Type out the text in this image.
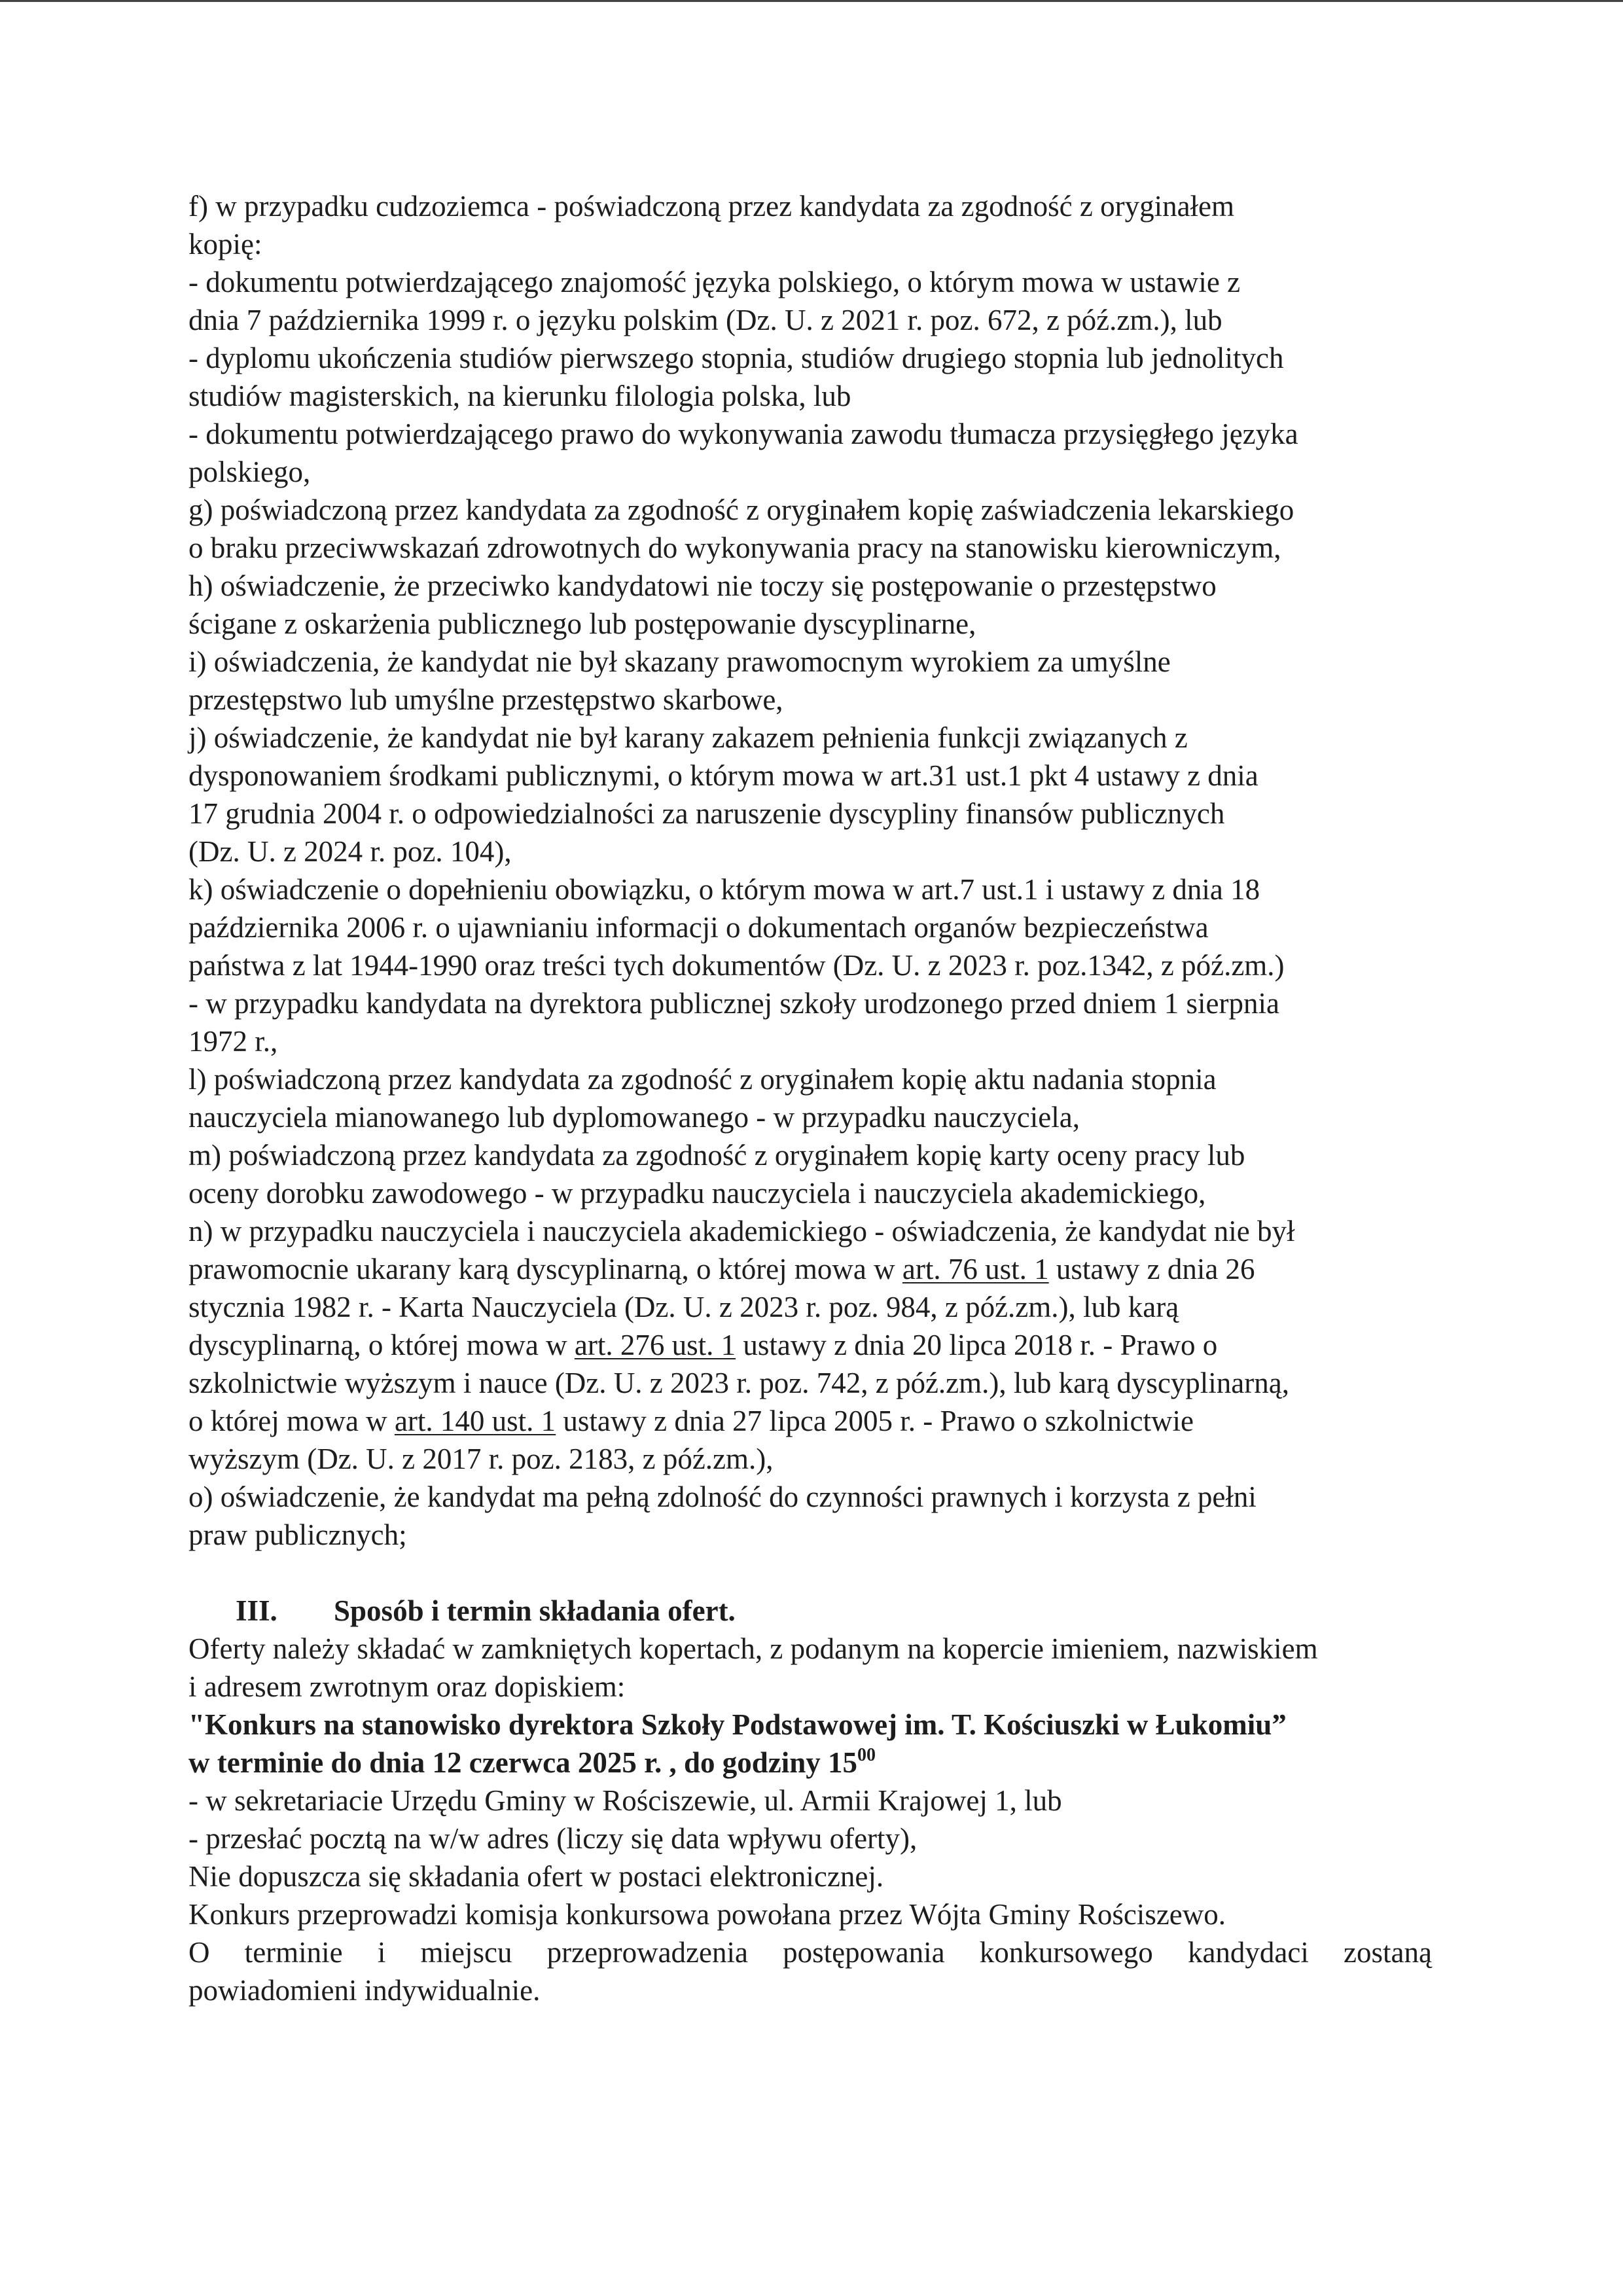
f) w przypadku cudzoziemca - poświadczoną przez kandydata za zgodność z oryginałem
kopię:
- dokumentu potwierdzającego znajomość języka polskiego, o którym mowa w ustawie z
dnia 7 października 1999 r. o języku polskim (Dz. U. z 2021 r. poz. 672, z póź.zm.), lub
- dyplomu ukończenia studiów pierwszego stopnia, studiów drugiego stopnia lub jednolitych
studiów magisterskich, na kierunku filologia polska, lub
- dokumentu potwierdzającego prawo do wykonywania zawodu tłumacza przysięgłego języka
polskiego,
g) poświadczoną przez kandydata za zgodność z oryginałem kopię zaświadczenia lekarskiego
o braku przeciwwskazań zdrowotnych do wykonywania pracy na stanowisku kierowniczym,
h) oświadczenie, że przeciwko kandydatowi nie toczy się postępowanie o przestępstwo
ścigane z oskarżenia publicznego lub postępowanie dyscyplinarne,
i) oświadczenia, że kandydat nie był skazany prawomocnym wyrokiem za umyślne
przestępstwo lub umyślne przestępstwo skarbowe,
j) oświadczenie, że kandydat nie był karany zakazem pełnienia funkcji związanych z
dysponowaniem środkami publicznymi, o którym mowa w art.31 ust.1 pkt 4 ustawy z dnia
17 grudnia 2004 r. o odpowiedzialności za naruszenie dyscypliny finansów publicznych
(Dz. U. z 2024 r. poz. 104),
k) oświadczenie o dopełnieniu obowiązku, o którym mowa w art.7 ust.1 i ustawy z dnia 18
października 2006 r. o ujawnianiu informacji o dokumentach organów bezpieczeństwa
państwa z lat 1944-1990 oraz treści tych dokumentów (Dz. U. z 2023 r. poz.1342, z póź.zm.)
- w przypadku kandydata na dyrektora publicznej szkoły urodzonego przed dniem 1 sierpnia
1972 r.,
l) poświadczoną przez kandydata za zgodność z oryginałem kopię aktu nadania stopnia
nauczyciela mianowanego lub dyplomowanego - w przypadku nauczyciela,
m) poświadczoną przez kandydata za zgodność z oryginałem kopię karty oceny pracy lub
oceny dorobku zawodowego - w przypadku nauczyciela i nauczyciela akademickiego,
n) w przypadku nauczyciela i nauczyciela akademickiego - oświadczenia, że kandydat nie był
prawomocnie ukarany karą dyscyplinarną, o której mowa w art. 76 ust. 1 ustawy z dnia 26
stycznia 1982 r. - Karta Nauczyciela (Dz. U. z 2023 r. poz. 984, z póź.zm.), lub karą
dyscyplinarną, o której mowa w art. 276 ust. 1 ustawy z dnia 20 lipca 2018 r. - Prawo o
szkolnictwie wyższym i nauce (Dz. U. z 2023 r. poz. 742, z póź.zm.), lub karą dyscyplinarną,
o której mowa w art. 140 ust. 1 ustawy z dnia 27 lipca 2005 r. - Prawo o szkolnictwie
wyższym (Dz. U. z 2017 r. poz. 2183, z póź.zm.),
o) oświadczenie, że kandydat ma pełną zdolność do czynności prawnych i korzysta z pełni
praw publicznych;
III. Sposób i termin składania ofert.
Oferty należy składać w zamkniętych kopertach, z podanym na kopercie imieniem, nazwiskiem
i adresem zwrotnym oraz dopiskiem:
"Konkurs na stanowisko dyrektora Szkoły Podstawowej im. T. Kościuszki w Łukomiu”
w terminie do dnia 12 czerwca 2025 r. , do godziny $15^{00}$
- w sekretariacie Urzędu Gminy w Rościszewie, ul. Armii Krajowej 1, lub
- przesłać pocztą na w/w adres (liczy się data wpływu oferty),
Nie dopuszcza się składania ofert w postaci elektronicznej.
Konkurs przeprowadzi komisja konkursowa powołana przez Wójta Gminy Rościszewo.
O terminie i miejscu przeprowadzenia postępowania konkursowego kandydaci zostaną
powiadomieni indywidualnie.
